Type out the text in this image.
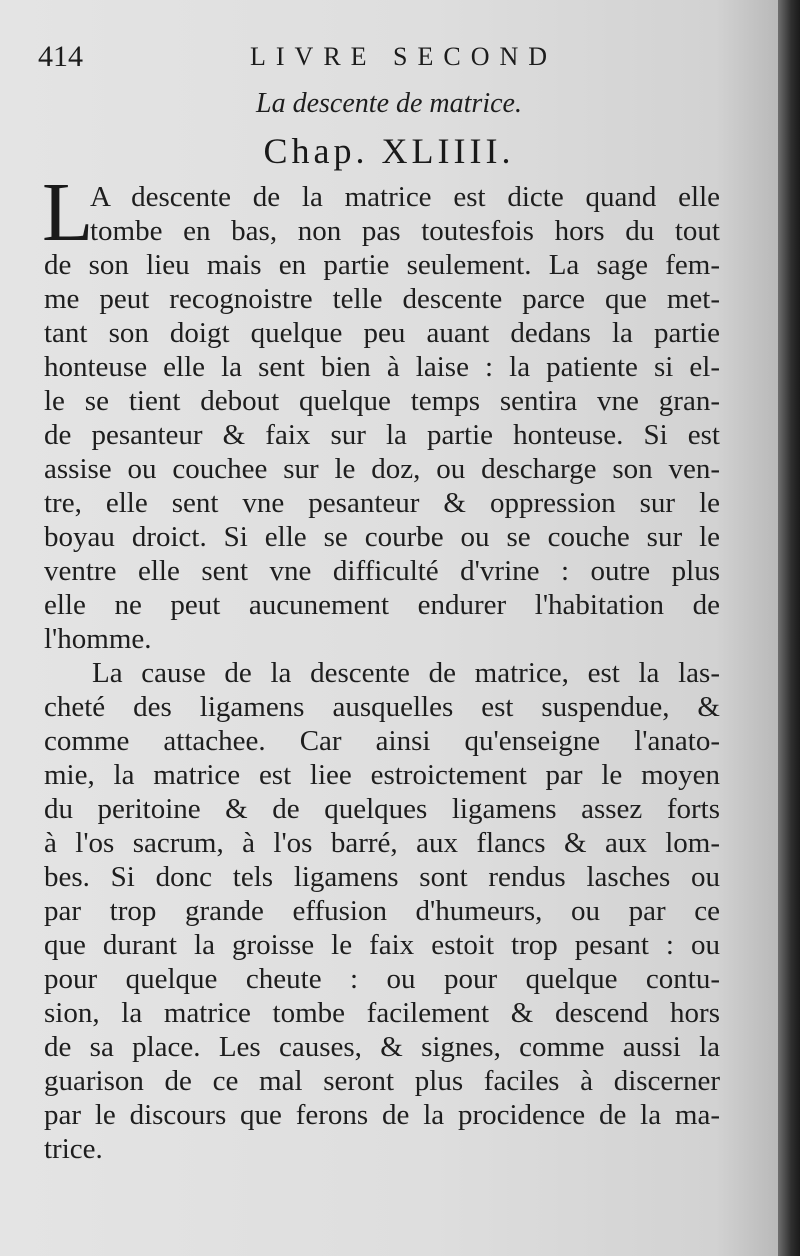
414	LIVRE SECOND
La descente de matrice.
Chap. XLIIII.
L
A descente de la matrice est dicte quand elle
tombe en bas, non pas toutesfois hors du tout
de son lieu mais en partie seulement. La sage fem-
me peut recognoistre telle descente parce que met-
tant son doigt quelque peu auant dedans la partie
honteuse elle la sent bien à laise : la patiente si el-
le se tient debout quelque temps sentira vne gran-
de pesanteur & faix sur la partie honteuse. Si est
assise ou couchee sur le doz, ou descharge son ven-
tre, elle sent vne pesanteur & oppression sur le
boyau droict. Si elle se courbe ou se couche sur le
ventre elle sent vne difficulté d'vrine : outre plus
elle ne peut aucunement endurer l'habitation de
l'homme.
La cause de la descente de matrice, est la las-
cheté des ligamens ausquelles est suspendue, &
comme attachee. Car ainsi qu'enseigne l'anato-
mie, la matrice est liee estroictement par le moyen
du peritoine & de quelques ligamens assez forts
à l'os sacrum, à l'os barré, aux flancs & aux lom-
bes. Si donc tels ligamens sont rendus lasches ou
par trop grande effusion d'humeurs, ou par ce
que durant la groisse le faix estoit trop pesant : ou
pour quelque cheute : ou pour quelque contu-
sion, la matrice tombe facilement & descend hors
de sa place. Les causes, & signes, comme aussi la
guarison de ce mal seront plus faciles à discerner
par le discours que ferons de la procidence de la ma-
trice.
